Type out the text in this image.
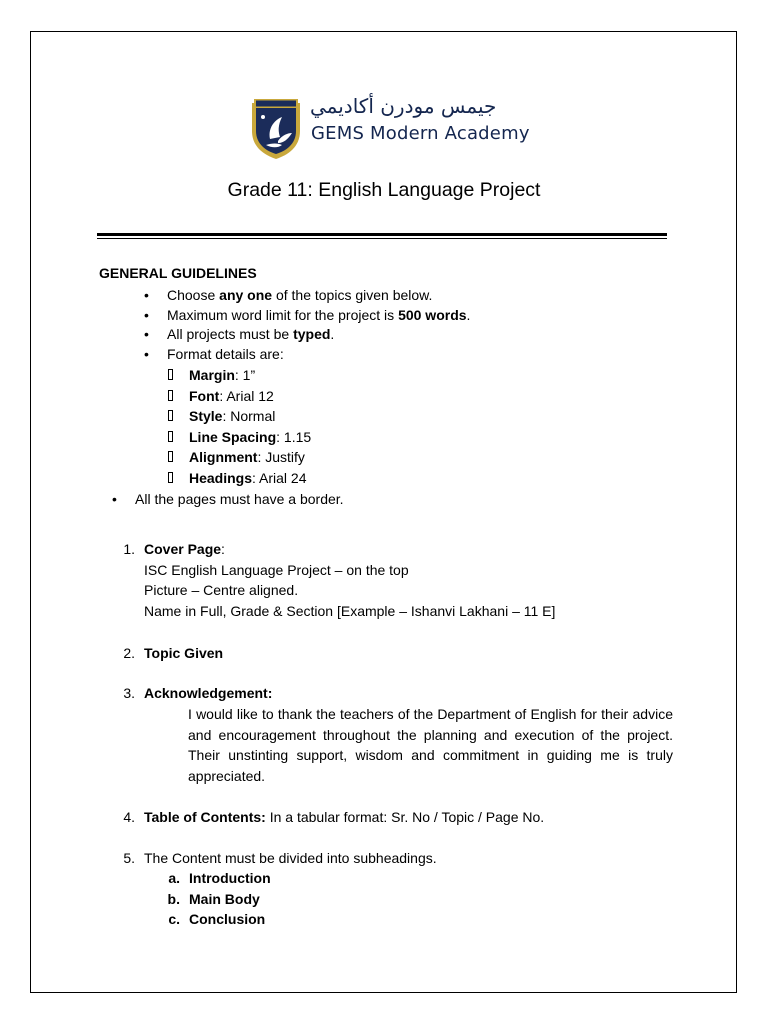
جيمس مودرن أكاديمي
GEMS Modern Academy
Grade 11: English Language Project
GENERAL GUIDELINES
• Choose any one of the topics given below.
• Maximum word limit for the project is 500 words.
• All projects must be typed.
• Format details are:
Margin: 1”
Font: Arial 12
Style: Normal
Line Spacing: 1.15
Alignment: Justify
Headings: Arial 24
• All the pages must have a border.
1. Cover Page:
ISC English Language Project – on the top
Picture – Centre aligned.
Name in Full, Grade & Section [Example – Ishanvi Lakhani – 11 E]
2. Topic Given
3. Acknowledgement:
I would like to thank the teachers of the Department of English for their advice and encouragement throughout the planning and execution of the project. Their unstinting support, wisdom and commitment in guiding me is truly appreciated.
4. Table of Contents: In a tabular format: Sr. No / Topic / Page No.
5. The Content must be divided into subheadings.
a. Introduction
b. Main Body
c. Conclusion
